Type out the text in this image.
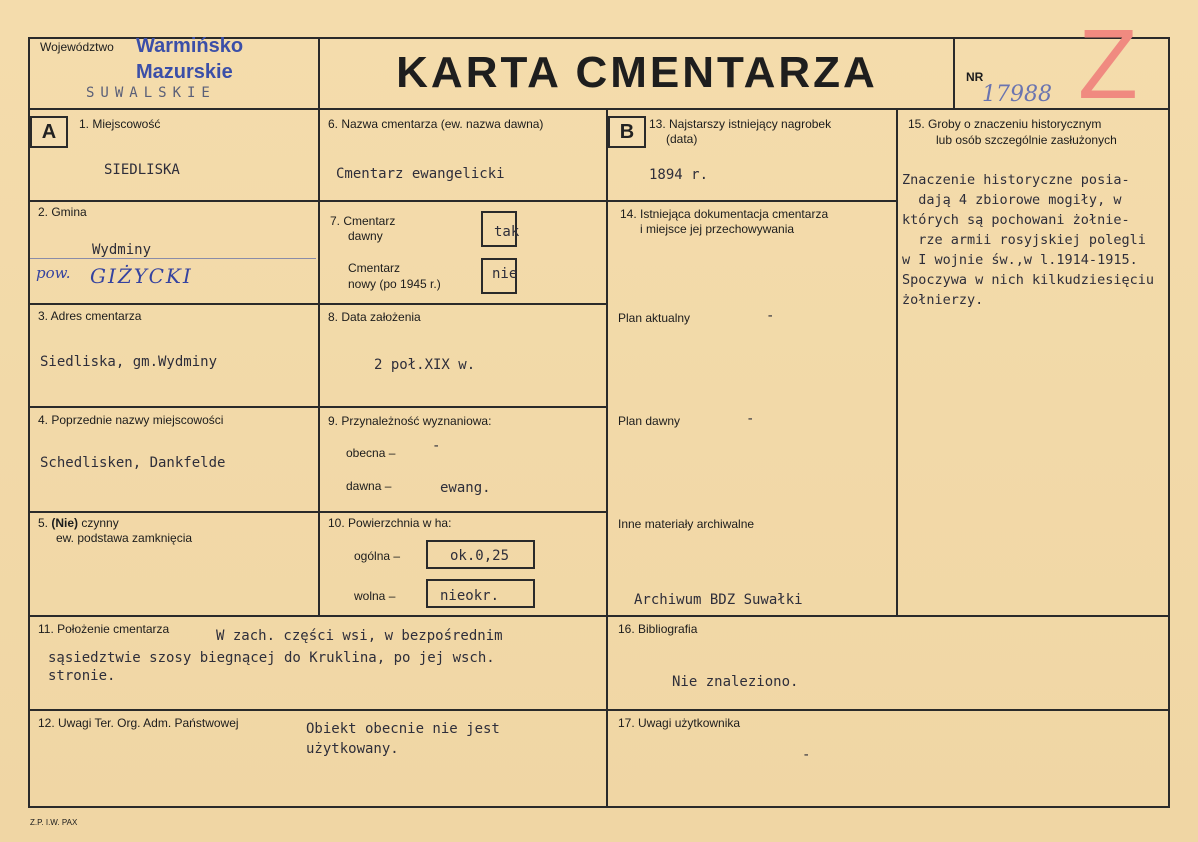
Województwo Warmińsko
Mazurskie
SUWALSKIE	KARTA CMENTARZA	NR
17988 Z
A	B
1. Miejscowość
SIEDLISKA
2. Gmina
Wydminy
pow. GIŻYCKI
3. Adres cmentarza
Siedliska, gm.Wydminy
4. Poprzednie nazwy miejscowości
Schedlisken, Dankfelde
5. (Nie) czynny
ew. podstawa zamknięcia
6. Nazwa cmentarza (ew. nazwa dawna)
Cmentarz ewangelicki
7. Cmentarz
dawny	tak
Cmentarz
nowy (po 1945 r.)
nie
8. Data założenia
2 poł.XIX w.
9. Przynależność wyznaniowa:
obecna –	-
dawna –	ewang.
10. Powierzchnia w ha:
ogólna –	ok.0,25
wolna –	nieokr.
13. Najstarszy istniejący nagrobek
(data)
1894 r.
14. Istniejąca dokumentacja cmentarza
i miejsce jej przechowywania
Plan aktualny	-
Plan dawny	-
Inne materiały archiwalne
Archiwum BDZ Suwałki
15. Groby o znaczeniu historycznym
lub osób szczególnie zasłużonych
Znaczenie historyczne posia-
dają 4 zbiorowe mogiły, w
których są pochowani żołnie-
rze armii rosyjskiej polegli
w I wojnie św.,w l.1914-1915.
Spoczywa w nich kilkudziesięciu
żołnierzy.
11. Położenie cmentarza	W zach. części wsi, w bezpośrednim
sąsiedztwie szosy biegnącej do Kruklina, po jej wsch.
stronie.
16. Bibliografia
Nie znaleziono.
12. Uwagi Ter. Org. Adm. Państwowej	Obiekt obecnie nie jest
użytkowany.
17. Uwagi użytkownika
-
Z.P. I.W. PAX
